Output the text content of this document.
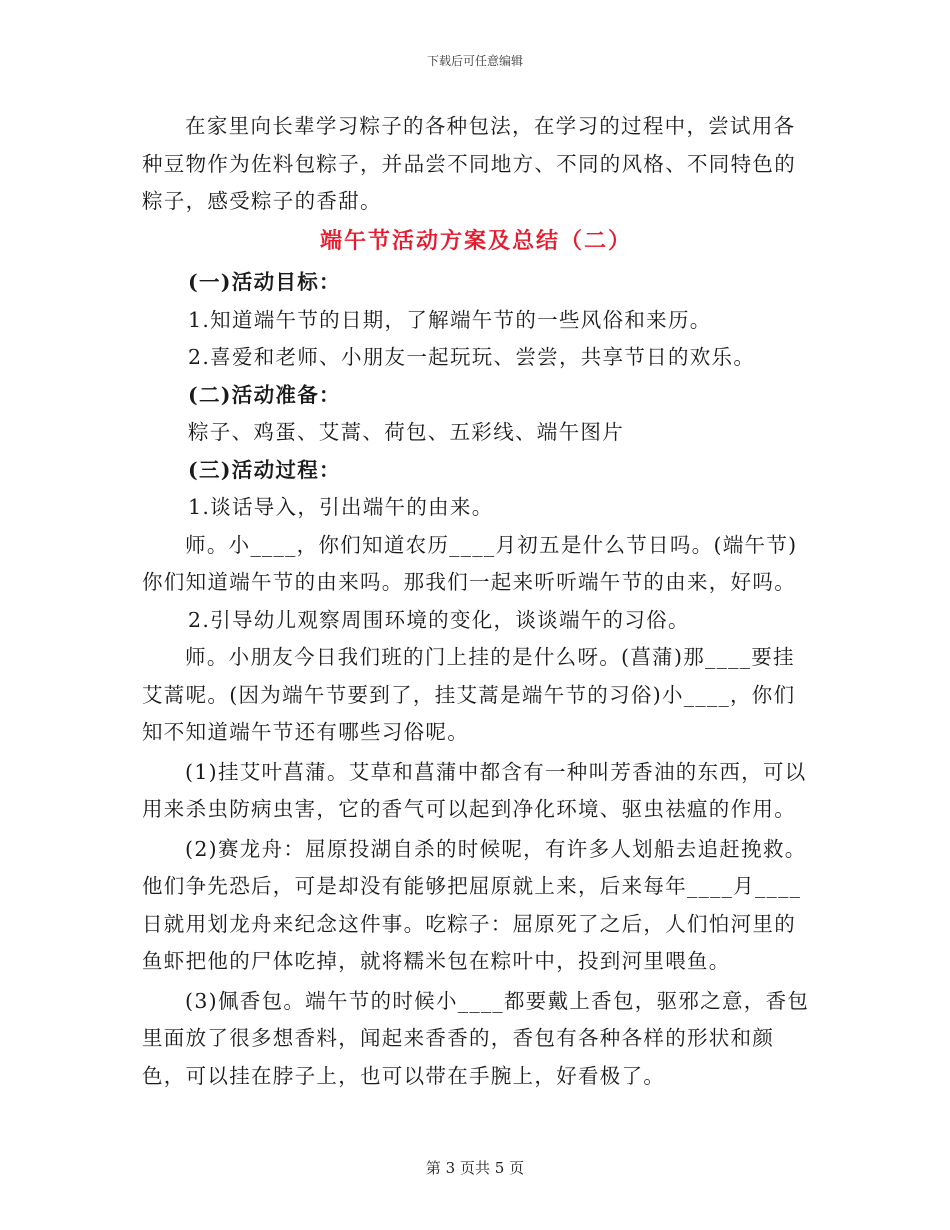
下载后可任意编辑

在家里向长辈学习粽子的各种包法，在学习的过程中，尝试用各种豆物作为佐料包粽子，并品尝不同地方、不同的风格、不同特色的粽子，感受粽子的香甜。

端午节活动方案及总结（二）

(一)活动目标：

1.知道端午节的日期，了解端午节的一些风俗和来历。

2.喜爱和老师、小朋友一起玩玩、尝尝，共享节日的欢乐。

(二)活动准备：

粽子、鸡蛋、艾蒿、荷包、五彩线、端午图片

(三)活动过程：

1.谈话导入，引出端午的由来。

师。小____，你们知道农历____月初五是什么节日吗。(端午节)你们知道端午节的由来吗。那我们一起来听听端午节的由来，好吗。

2.引导幼儿观察周围环境的变化，谈谈端午的习俗。

师。小朋友今日我们班的门上挂的是什么呀。(菖蒲)那____要挂艾蒿呢。(因为端午节要到了，挂艾蒿是端午节的习俗)小____，你们知不知道端午节还有哪些习俗呢。

(1)挂艾叶菖蒲。艾草和菖蒲中都含有一种叫芳香油的东西，可以用来杀虫防病虫害，它的香气可以起到净化环境、驱虫祛瘟的作用。

(2)赛龙舟：屈原投湖自杀的时候呢，有许多人划船去追赶挽救。他们争先恐后，可是却没有能够把屈原就上来，后来每年____月____日就用划龙舟来纪念这件事。吃粽子：屈原死了之后，人们怕河里的鱼虾把他的尸体吃掉，就将糯米包在粽叶中，投到河里喂鱼。

(3)佩香包。端午节的时候小____都要戴上香包，驱邪之意，香包里面放了很多想香料，闻起来香香的，香包有各种各样的形状和颜色，可以挂在脖子上，也可以带在手腕上，好看极了。

第 3 页共 5 页
